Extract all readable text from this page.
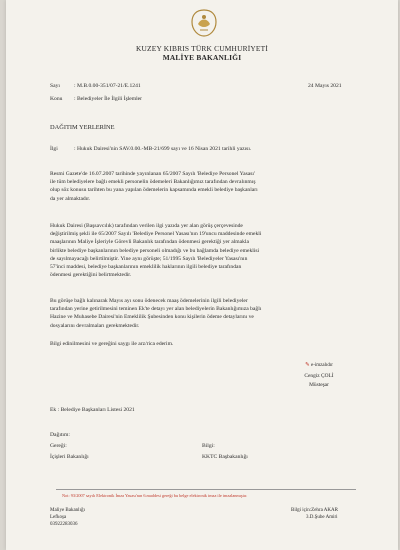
KUZEY KIBRIS TÜRK CUMHURİYETİ
MALİYE BAKANLIĞI
Sayı	: M.B.0.00-351/07-21/E.1241	24 Mayıs 2021
Konu : Belediyeler İle İlgili İşlemler
DAĞITIM YERLERİNE
İlgi	: Hukuk Dairesi'nin SAV.0.00.-MB-21/699 sayı ve 16 Nisan 2021 tarihli yazısı.
Resmi Gazete'de 16.07.2007 tarihinde yayınlanan 65/2007 Sayılı 'Belediye Personel Yasası'
ile tüm belediyelere bağlı emekli personelin ödemeleri Bakanlığımız tarafından devralınmış
olup söz konusu tarihten bu yana yapılan ödemelerin kapsamında emekli belediye başkanları
da yer almaktadır.
Hukuk Dairesi (Başsavcılık) tarafından verilen ilgi yazıda yer alan görüş çerçevesinde
değiştirilmiş şekli ile 65/2007 Sayılı 'Belediye Personel Yasası'nın 19'uncu maddesinde emekli
maaşlarının Maliye İşleriyle Görevli Bakanlık tarafından ödenmesi gerektiği yer almakla
birlikte belediye başkanlarının belediye personeli olmadığı ve bu bağlamda belediye emeklisi
de sayılmayacağı belirtilmiştir. Yine aynı görüşte; 51/1995 Sayılı 'Belediyeler Yasası'nın
57'inci maddesi, belediye başkanlarının emeklilik haklarının ilgili belediye tarafından
ödenmesi gerektiğini belirtmektedir.
Bu görüşe bağlı kalınarak Mayıs ayı sonu ödenecek maaş ödemelerinin ilgili belediyeler
tarafından yerine getirilmesini teminen Ek'te detayı yer alan belediyelerin Bakanlığımıza bağlı
Hazine ve Muhasebe Dairesi'nin Emeklilik Şubesinden konu kişilerin ödeme detaylarını ve
dosyalarını devralmaları gerekmektedir.
Bilgi edinilmesini ve gereğini saygı ile arz/rica ederim.
✎ e-imzalıdır
Cengiz ÇOLİ
Müsteşar
Ek : Belediye Başkanları Listesi 2021
Dağıtım:
Gereği:
İçişleri Bakanlığı
Bilgi:
KKTC Başbakanlığı
Not: 93/2007 sayılı Elektronik İmza Yasası'nın 6.maddesi gereği bu belge elektronik imza ile imzalanmıştır.
Maliye Bakanlığı
Lefkoşa
03922283036
Bilgi için:Zehra AKAR
3.D.Şube Amiri
